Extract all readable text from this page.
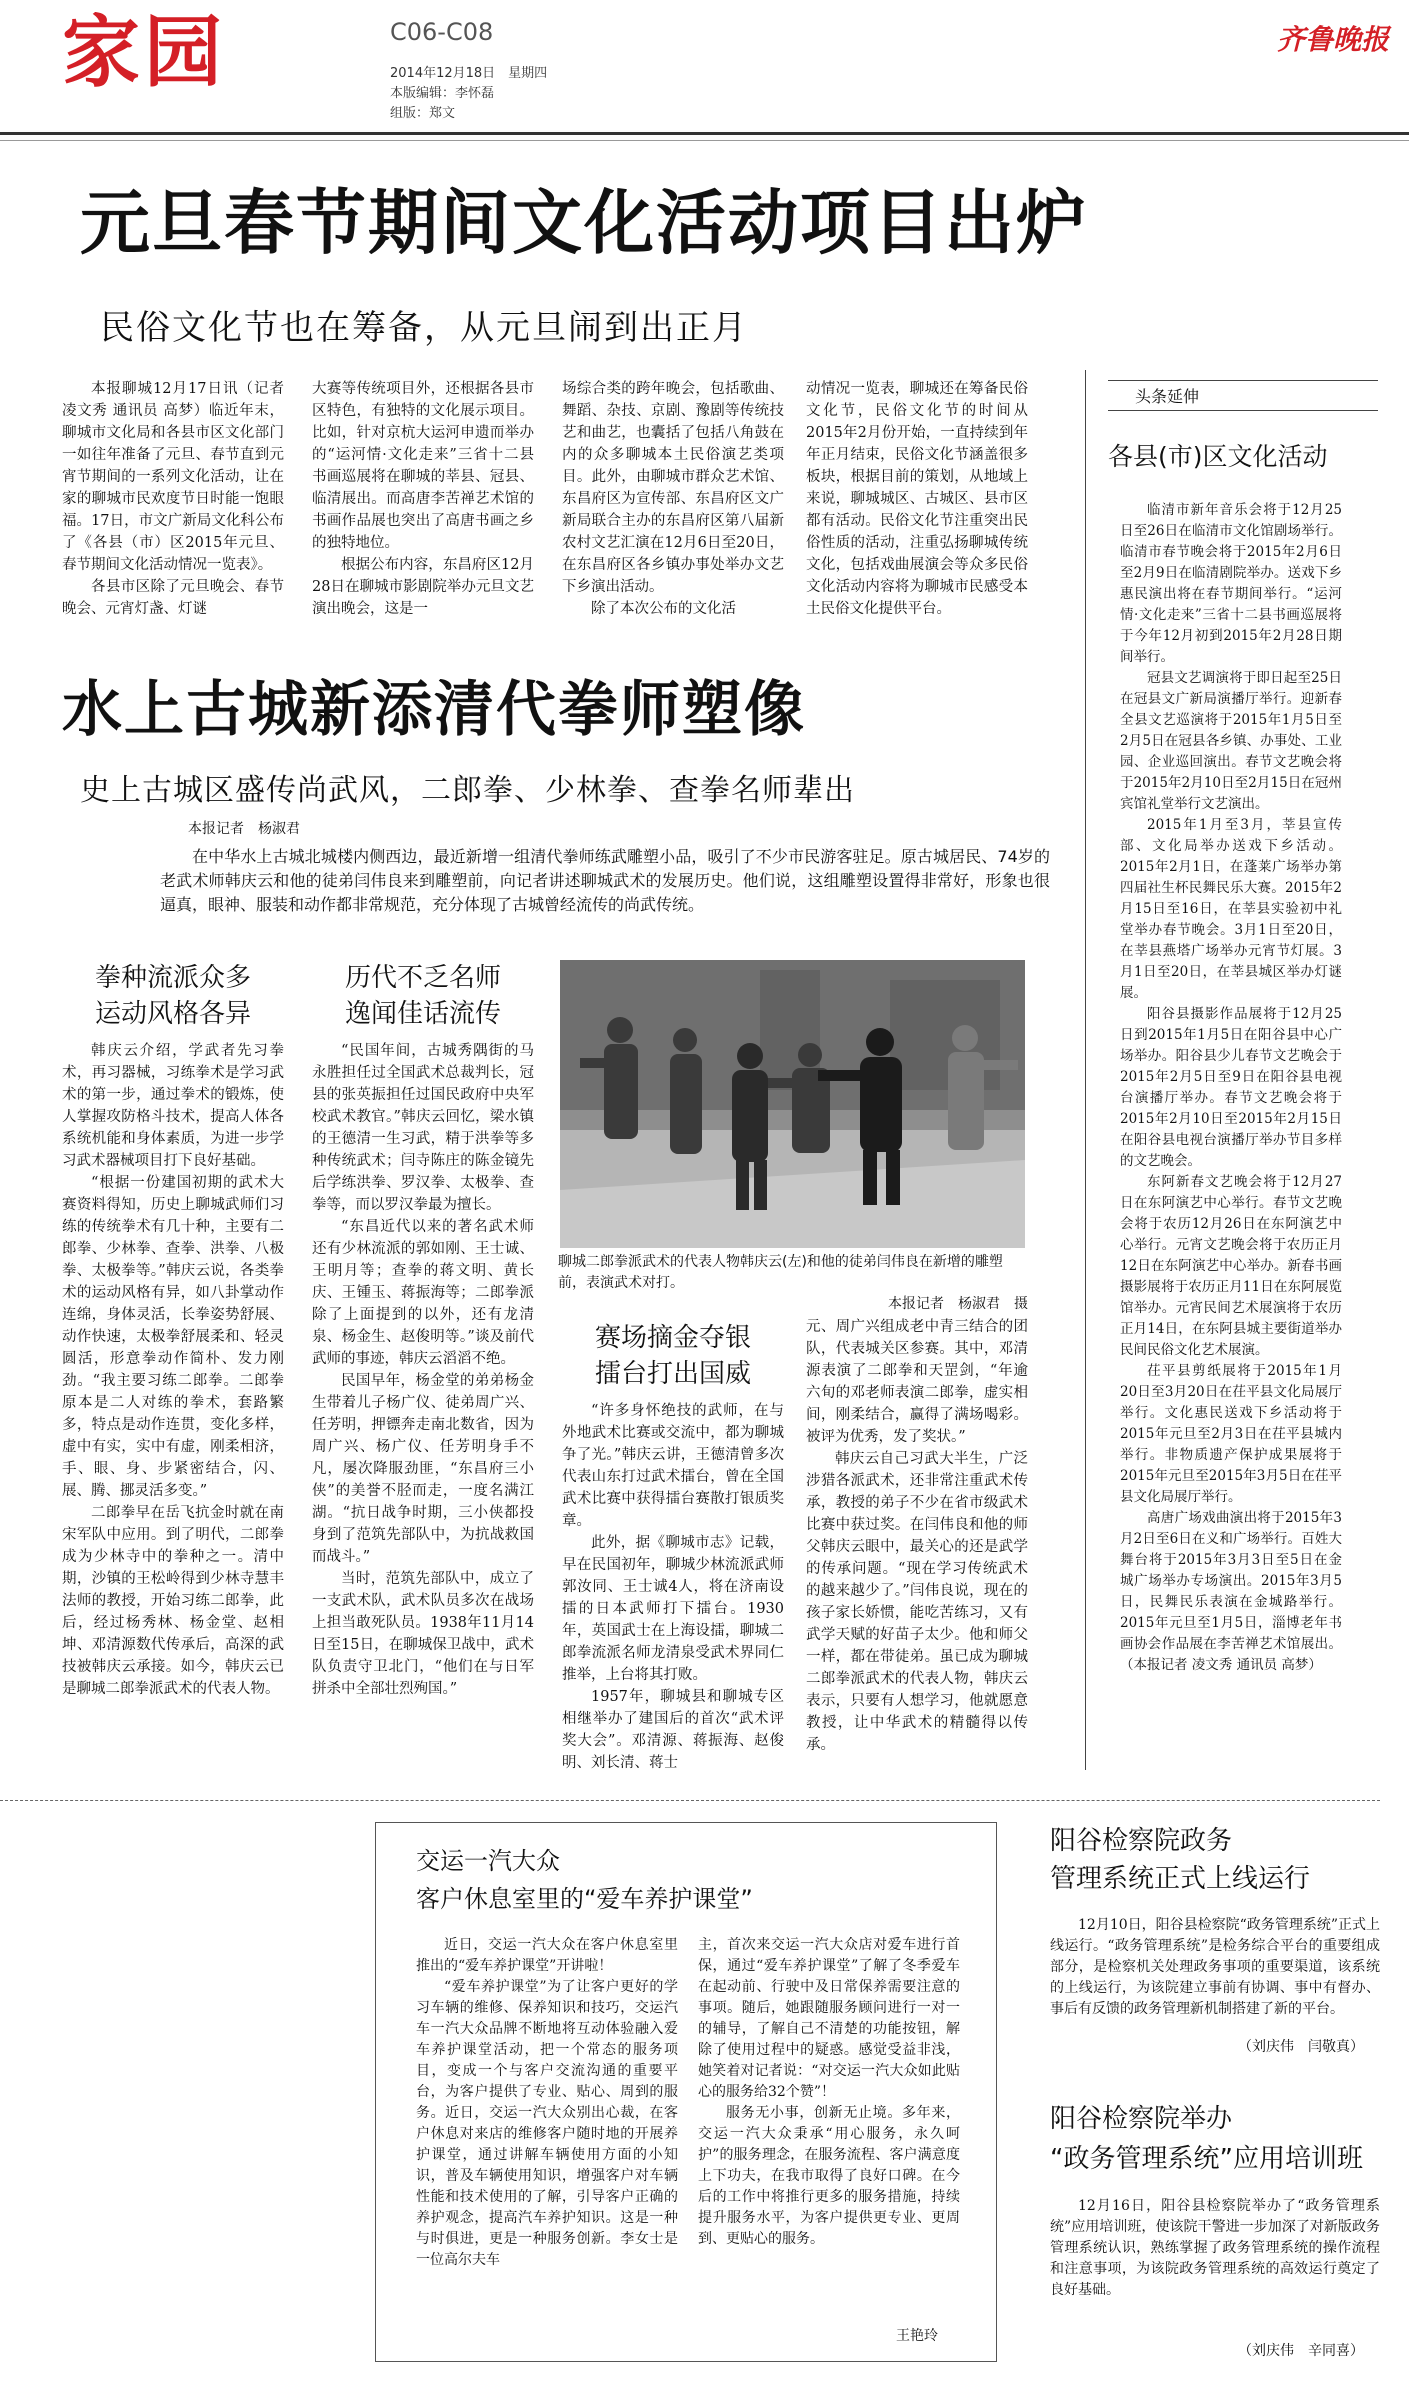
家园	C06-C08
2014年12月18日　星期四
本版编辑：李怀磊
组版：郑文
齐鲁晚报
元旦春节期间文化活动项目出炉
民俗文化节也在筹备，从元旦闹到出正月

本报聊城12月17日讯（记者 凌文秀 通讯员 高梦）临近年末，聊城市文化局和各县市区文化部门一如往年准备了元旦、春节直到元宵节期间的一系列文化活动，让在家的聊城市民欢度节日时能一饱眼福。17日，市文广新局文化科公布了《各县（市）区2015年元旦、春节期间文化活动情况一览表》。

各县市区除了元旦晚会、春节晚会、元宵灯盏、灯谜

大赛等传统项目外，还根据各县市区特色，有独特的文化展示项目。比如，针对京杭大运河申遗而举办的“运河情·文化走来”三省十二县书画巡展将在聊城的莘县、冠县、临清展出。而高唐李苦禅艺术馆的书画作品展也突出了高唐书画之乡的独特地位。

根据公布内容，东昌府区12月28日在聊城市影剧院举办元旦文艺演出晚会，这是一

场综合类的跨年晚会，包括歌曲、舞蹈、杂技、京剧、豫剧等传统技艺和曲艺，也囊括了包括八角鼓在内的众多聊城本土民俗演艺类项目。此外，由聊城市群众艺术馆、东昌府区为宣传部、东昌府区文广新局联合主办的东昌府区第八届新农村文艺汇演在12月6日至20日，在东昌府区各乡镇办事处举办文艺下乡演出活动。

除了本次公布的文化活

动情况一览表，聊城还在筹备民俗文化节，民俗文化节的时间从2015年2月份开始，一直持续到年年正月结束，民俗文化节涵盖很多板块，根据目前的策划，从地域上来说，聊城城区、古城区、县市区都有活动。民俗文化节注重突出民俗性质的活动，注重弘扬聊城传统文化，包括戏曲展演会等众多民俗文化活动内容将为聊城市民感受本土民俗文化提供平台。

头条延伸
各县(市)区文化活动

临清市新年音乐会将于12月25日至26日在临清市文化馆剧场举行。临清市春节晚会将于2015年2月6日至2月9日在临清剧院举办。送戏下乡惠民演出将在春节期间举行。“运河情·文化走来”三省十二县书画巡展将于今年12月初到2015年2月28日期间举行。

冠县文艺调演将于即日起至25日在冠县文广新局演播厅举行。迎新春全县文艺巡演将于2015年1月5日至2月5日在冠县各乡镇、办事处、工业园、企业巡回演出。春节文艺晚会将于2015年2月10日至2月15日在冠州宾馆礼堂举行文艺演出。

2015年1月至3月，莘县宣传部、文化局举办送戏下乡活动。2015年2月1日，在蓬莱广场举办第四届社生杯民舞民乐大赛。2015年2月15日至16日，在莘县实验初中礼堂举办春节晚会。3月1日至20日，在莘县燕塔广场举办元宵节灯展。3月1日至20日，在莘县城区举办灯谜展。

阳谷县摄影作品展将于12月25日到2015年1月5日在阳谷县中心广场举办。阳谷县少儿春节文艺晚会于2015年2月5日至9日在阳谷县电视台演播厅举办。春节文艺晚会将于2015年2月10日至2015年2月15日在阳谷县电视台演播厅举办节目多样的文艺晚会。

东阿新春文艺晚会将于12月27日在东阿演艺中心举行。春节文艺晚会将于农历12月26日在东阿演艺中心举行。元宵文艺晚会将于农历正月12日在东阿演艺中心举办。新春书画摄影展将于农历正月11日在东阿展览馆举办。元宵民间艺术展演将于农历正月14日，在东阿县城主要街道举办民间民俗文化艺术展演。

茌平县剪纸展将于2015年1月20日至3月20日在茌平县文化局展厅举行。文化惠民送戏下乡活动将于2015年元旦至2月3日在茌平县城内举行。非物质遗产保护成果展将于2015年元旦至2015年3月5日在茌平县文化局展厅举行。

高唐广场戏曲演出将于2015年3月2日至6日在义和广场举行。百姓大舞台将于2015年3月3日至5日在金城广场举办专场演出。2015年3月5日，民舞民乐表演在金城路举行。2015年元旦至1月5日，淄博老年书画协会作品展在李苦禅艺术馆展出。（本报记者 凌文秀 通讯员 高梦）

水上古城新添清代拳师塑像
史上古城区盛传尚武风，二郎拳、少林拳、查拳名师辈出
本报记者　杨淑君
在中华水上古城北城楼内侧西边，最近新增一组清代拳师练武雕塑小品，吸引了不少市民游客驻足。原古城居民、74岁的老武术师韩庆云和他的徒弟闫伟良来到雕塑前，向记者讲述聊城武术的发展历史。他们说，这组雕塑设置得非常好，形象也很逼真，眼神、服装和动作都非常规范，充分体现了古城曾经流传的尚武传统。
拳种流派众多
运动风格各异

韩庆云介绍，学武者先习拳术，再习器械，习练拳术是学习武术的第一步，通过拳术的锻炼，使人掌握攻防格斗技术，提高人体各系统机能和身体素质，为进一步学习武术器械项目打下良好基础。

“根据一份建国初期的武术大赛资料得知，历史上聊城武师们习练的传统拳术有几十种，主要有二郎拳、少林拳、查拳、洪拳、八极拳、太极拳等。”韩庆云说，各类拳术的运动风格有异，如八卦掌动作连绵，身体灵活，长拳姿势舒展、动作快速，太极拳舒展柔和、轻灵圆活，形意拳动作简朴、发力刚劲。“我主要习练二郎拳。二郎拳原本是二人对练的拳术，套路繁多，特点是动作连贯，变化多样，虚中有实，实中有虚，刚柔相济，手、眼、身、步紧密结合，闪、展、腾、挪灵活多变。”

二郎拳早在岳飞抗金时就在南宋军队中应用。到了明代，二郎拳成为少林寺中的拳种之一。清中期，沙镇的王松岭得到少林寺慧丰法师的教授，开始习练二郎拳，此后，经过杨秀林、杨金堂、赵相坤、邓清源数代传承后，高深的武技被韩庆云承接。如今，韩庆云已是聊城二郎拳派武术的代表人物。

历代不乏名师
逸闻佳话流传

“民国年间，古城秀隅街的马永胜担任过全国武术总裁判长，冠县的张英振担任过国民政府中央军校武术教官。”韩庆云回忆，梁水镇的王德清一生习武，精于洪拳等多种传统武术；闫寺陈庄的陈金镜先后学练洪拳、罗汉拳、太极拳、查拳等，而以罗汉拳最为擅长。

“东昌近代以来的著名武术师还有少林流派的郭如刚、王士诚、王明月等；查拳的蒋文明、黄长庆、王锺玉、蒋振海等；二郎拳派除了上面提到的以外，还有龙清泉、杨金生、赵俊明等。”谈及前代武师的事迹，韩庆云滔滔不绝。

民国早年，杨金堂的弟弟杨金生带着儿子杨广仪、徒弟周广兴、任芳明，押镖奔走南北数省，因为周广兴、杨广仪、任芳明身手不凡，屡次降服劲匪，“东昌府三小侠”的美誉不胫而走，一度名满江湖。“抗日战争时期，三小侠都投身到了范筑先部队中，为抗战救国而战斗。”

当时，范筑先部队中，成立了一支武术队，武术队员多次在战场上担当敢死队员。1938年11月14日至15日，在聊城保卫战中，武术队负责守卫北门，“他们在与日军拼杀中全部壮烈殉国。”

聊城二郎拳派武术的代表人物韩庆云(左)和他的徒弟闫伟良在新增的雕塑前，表演武术对打。
本报记者　杨淑君　摄
赛场摘金夺银
擂台打出国威

“许多身怀绝技的武师，在与外地武术比赛或交流中，都为聊城争了光。”韩庆云讲，王德清曾多次代表山东打过武术擂台，曾在全国武术比赛中获得擂台赛散打银质奖章。

此外，据《聊城市志》记载，早在民国初年，聊城少林流派武师郭汝同、王士诚4人，将在济南设擂的日本武师打下擂台。1930年，英国武士在上海设擂，聊城二郎拳流派名师龙清泉受武术界同仁推举，上台将其打败。

1957年，聊城县和聊城专区相继举办了建国后的首次“武术评奖大会”。邓清源、蒋振海、赵俊明、刘长清、蒋士

元、周广兴组成老中青三结合的团队，代表城关区参赛。其中，邓清源表演了二郎拳和天罡剑，“年逾六旬的邓老师表演二郎拳，虚实相间，刚柔结合，赢得了满场喝彩。被评为优秀，发了奖状。”

韩庆云自己习武大半生，广泛涉猎各派武术，还非常注重武术传承，教授的弟子不少在省市级武术比赛中获过奖。在闫伟良和他的师父韩庆云眼中，最关心的还是武学的传承问题。“现在学习传统武术的越来越少了。”闫伟良说，现在的孩子家长娇惯，能吃苦练习，又有武学天赋的好苗子太少。他和师父一样，都在带徒弟。虽已成为聊城二郎拳派武术的代表人物，韩庆云表示，只要有人想学习，他就愿意教授，让中华武术的精髓得以传承。

交运一汽大众
客户休息室里的“爱车养护课堂”

近日，交运一汽大众在客户休息室里推出的“爱车养护课堂”开讲啦！

“爱车养护课堂”为了让客户更好的学习车辆的维修、保养知识和技巧，交运汽车一汽大众品牌不断地将互动体验融入爱车养护课堂活动，把一个常态的服务项目，变成一个与客户交流沟通的重要平台，为客户提供了专业、贴心、周到的服务。近日，交运一汽大众别出心裁，在客户休息对来店的维修客户随时地的开展养护课堂，通过讲解车辆使用方面的小知识，普及车辆使用知识，增强客户对车辆性能和技术使用的了解，引导客户正确的养护观念，提高汽车养护知识。这是一种与时俱进，更是一种服务创新。李女士是一位高尔夫车

主，首次来交运一汽大众店对爱车进行首保，通过“爱车养护课堂”了解了冬季爱车在起动前、行驶中及日常保养需要注意的事项。随后，她跟随服务顾问进行一对一的辅导，了解自己不清楚的功能按钮，解除了使用过程中的疑惑。感觉受益非浅，她笑着对记者说：“对交运一汽大众如此贴心的服务给32个赞”！

服务无小事，创新无止境。多年来，交运一汽大众秉承“用心服务，永久呵护”的服务理念，在服务流程、客户满意度上下功夫，在我市取得了良好口碑。在今后的工作中将推行更多的服务措施，持续提升服务水平，为客户提供更专业、更周到、更贴心的服务。

王艳玲
阳谷检察院政务
管理系统正式上线运行

12月10日，阳谷县检察院“政务管理系统”正式上线运行。“政务管理系统”是检务综合平台的重要组成部分，是检察机关处理政务事项的重要渠道，该系统的上线运行，为该院建立事前有协调、事中有督办、事后有反馈的政务管理新机制搭建了新的平台。

（刘庆伟　闫敬真）
阳谷检察院举办
“政务管理系统”应用培训班

12月16日，阳谷县检察院举办了“政务管理系统”应用培训班，使该院干警进一步加深了对新版政务管理系统认识，熟练掌握了政务管理系统的操作流程和注意事项，为该院政务管理系统的高效运行奠定了良好基础。

（刘庆伟　辛同喜）
